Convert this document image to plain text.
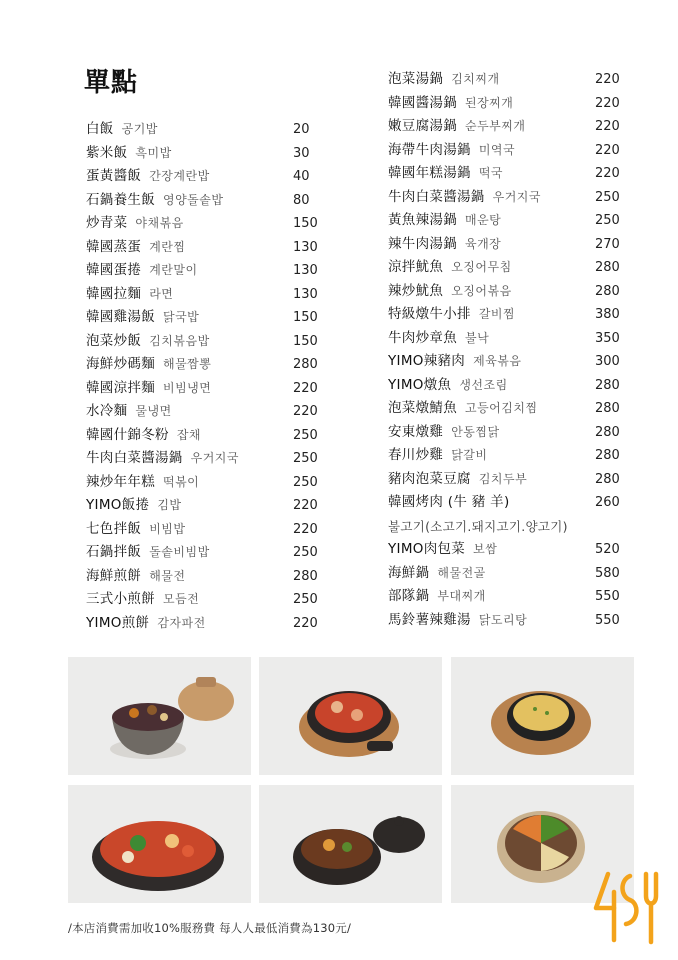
單點
白飯 공기밥	20
紫米飯 흑미밥	30
蛋黃醬飯 간장계란밥	40
石鍋養生飯 영양돌솥밥	80
炒青菜 야채볶음	150
韓國蒸蛋 계란찜	130
韓國蛋捲 계란말이	130
韓國拉麵 라면	130
韓國雞湯飯 닭국밥	150
泡菜炒飯 김치볶음밥	150
海鮮炒碼麵 해물짬뽕	280
韓國涼拌麵 비빔냉면	220
水冷麵 물냉면	220
韓國什錦冬粉 잡채	250
牛肉白菜醬湯鍋 우거지국	250
辣炒年年糕 떡볶이	250
YIMO飯捲 김밥	220
七色拌飯 비빔밥	220
石鍋拌飯 돌솥비빔밥	250
海鮮煎餅 해물전	280
三式小煎餅 모듬전	250
YIMO煎餅 감자파전	220
泡菜湯鍋 김치찌개	220
韓國醬湯鍋 된장찌개	220
嫩豆腐湯鍋 순두부찌개	220
海帶牛肉湯鍋 미역국	220
韓國年糕湯鍋 떡국	220
牛肉白菜醬湯鍋 우거지국	250
黃魚辣湯鍋 매운탕	250
辣牛肉湯鍋 육개장	270
涼拌魷魚 오징어무침	280
辣炒魷魚 오징어볶음	280
特級燉牛小排 갈비찜	380
牛肉炒章魚 불낙	350
YIMO辣豬肉 제육볶음	300
YIMO燉魚 생선조림	280
泡菜燉鯖魚 고등어김치찜	280
安東燉雞 안동찜닭	280
春川炒雞 닭갈비	280
豬肉泡菜豆腐 김치두부	280
韓國烤肉 (牛 豬 羊)	260
불고기(소고기.돼지고기.양고기)
YIMO肉包菜 보쌈	520
海鮮鍋 해물전골	580
部隊鍋 부대찌개	550
馬鈴薯辣雞湯 닭도리탕	550
/本店消費需加收10%服務費 每人人最低消費為130元/
